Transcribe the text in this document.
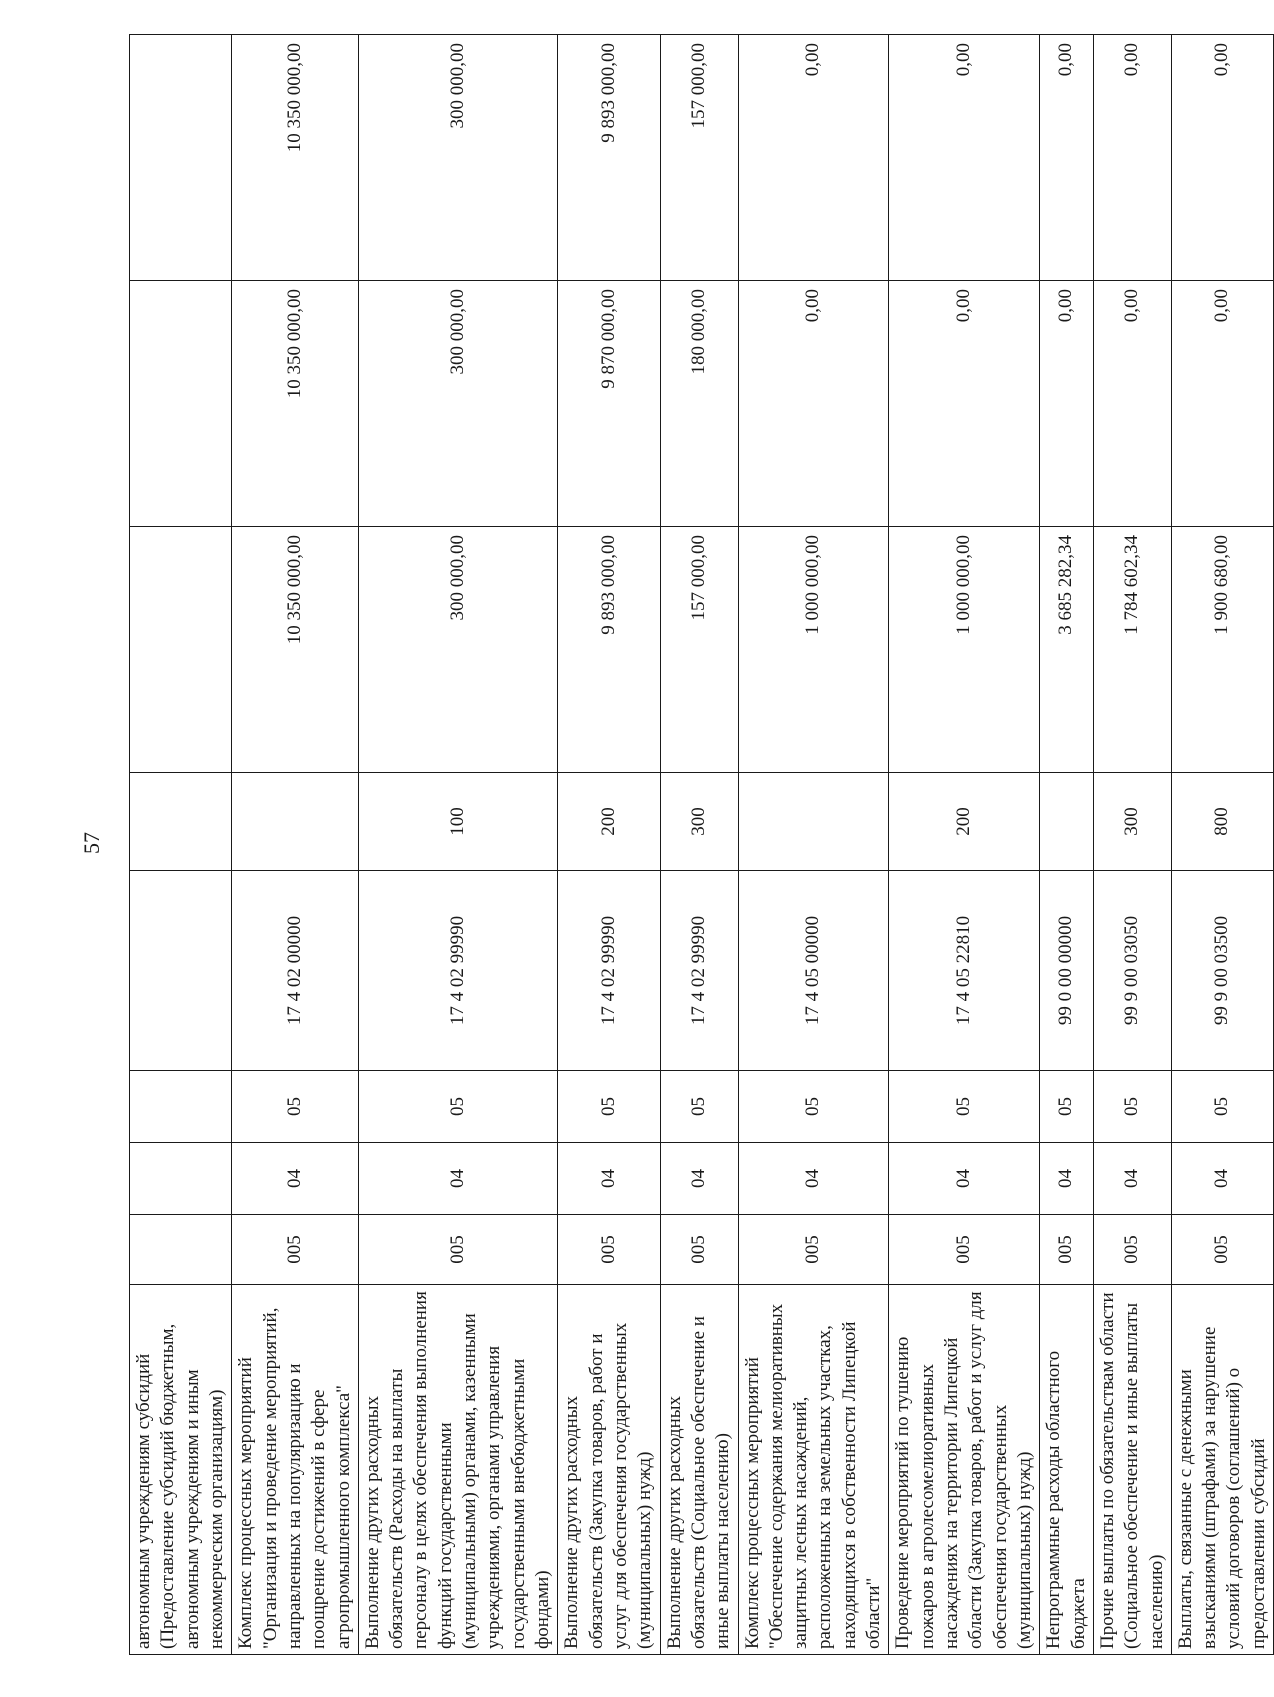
57
автономным учреждениям субсидий (Предоставление субсидий бюджетным, автономным учреждениям и иным некоммерческим организациям)								
Комплекс процессных мероприятий "Организация и проведение мероприятий, направленных на популяризацию и поощрение достижений в сфере агропромышленного комплекса"	005	04	05	17 4 02 00000		10 350 000,00	10 350 000,00	10 350 000,00
Выполнение других расходных обязательств (Расходы на выплаты персоналу в целях обеспечения выполнения функций государственными (муниципальными) органами, казенными учреждениями, органами управления государственными внебюджетными фондами)	005	04	05	17 4 02 99990	100	300 000,00	300 000,00	300 000,00
Выполнение других расходных обязательств (Закупка товаров, работ и услуг для обеспечения государственных (муниципальных) нужд)	005	04	05	17 4 02 99990	200	9 893 000,00	9 870 000,00	9 893 000,00
Выполнение других расходных обязательств (Социальное обеспечение и иные выплаты населению)	005	04	05	17 4 02 99990	300	157 000,00	180 000,00	157 000,00
Комплекс процессных мероприятий "Обеспечение содержания мелиоративных защитных лесных насаждений, расположенных на земельных участках, находящихся в собственности Липецкой области"	005	04	05	17 4 05 00000		1 000 000,00	0,00	0,00
Проведение мероприятий по тушению пожаров в агролесомелиоративных насаждениях на территории Липецкой области (Закупка товаров, работ и услуг для обеспечения государственных (муниципальных) нужд)	005	04	05	17 4 05 22810	200	1 000 000,00	0,00	0,00
Непрограммные расходы областного бюджета	005	04	05	99 0 00 00000		3 685 282,34	0,00	0,00
Прочие выплаты по обязательствам области (Социальное обеспечение и иные выплаты населению)	005	04	05	99 9 00 03050	300	1 784 602,34	0,00	0,00
Выплаты, связанные с денежными взысканиями (штрафами) за нарушение условий договоров (соглашений) о предоставлении субсидий	005	04	05	99 9 00 03500	800	1 900 680,00	0,00	0,00
